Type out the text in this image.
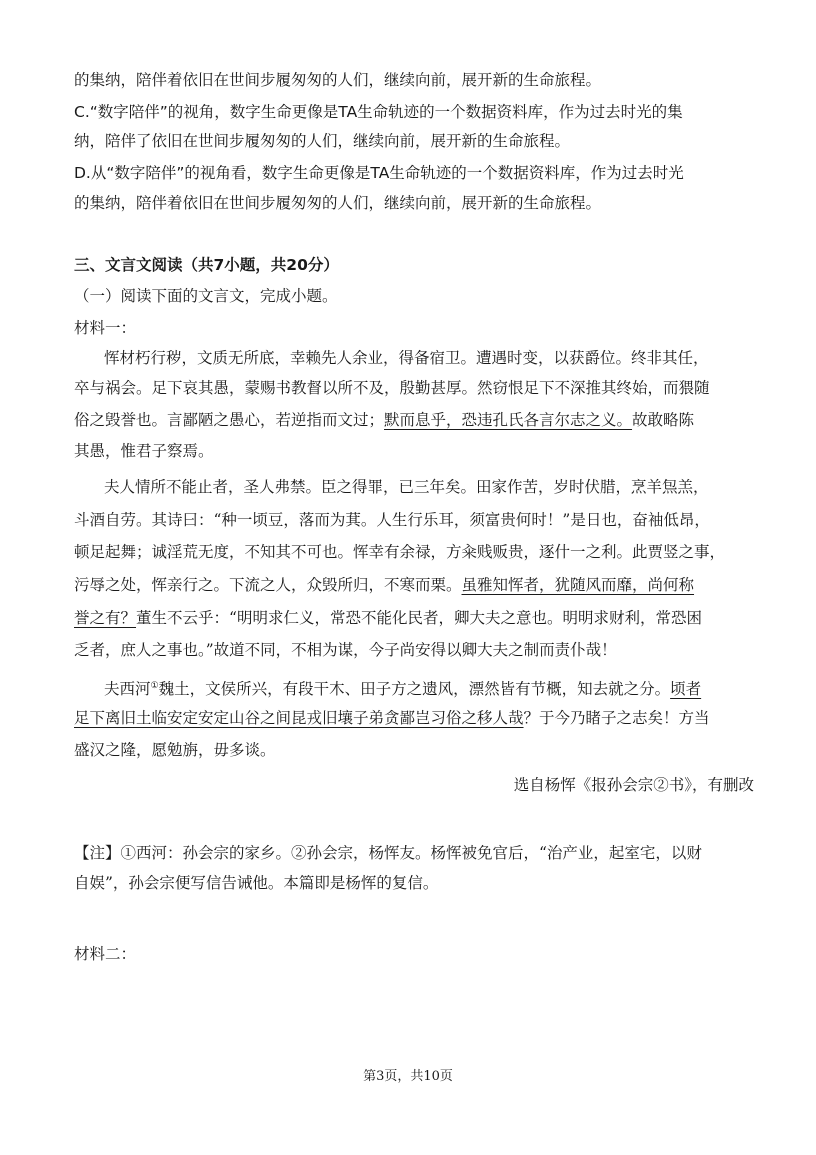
的集纳，陪伴着依旧在世间步履匆匆的人们，继续向前，展开新的生命旅程。
C.“数字陪伴”的视角，数字生命更像是TA生命轨迹的一个数据资料库，作为过去时光的集
纳，陪伴了依旧在世间步履匆匆的人们，继续向前，展开新的生命旅程。
D.从“数字陪伴”的视角看，数字生命更像是TA生命轨迹的一个数据资料库，作为过去时光
的集纳，陪伴着依旧在世间步履匆匆的人们，继续向前，展开新的生命旅程。
三、文言文阅读（共7小题，共20分）
（一）阅读下面的文言文，完成小题。
材料一：
恽材朽行秽，文质无所底，幸赖先人余业，得备宿卫。遭遇时变，以获爵位。终非其任，
卒与祸会。足下哀其愚，蒙赐书教督以所不及，殷勤甚厚。然窃恨足下不深推其终始，而猥随
俗之毁誉也。言鄙陋之愚心，若逆指而文过；默而息乎，恐违孔氏各言尔志之义。故敢略陈
其愚，惟君子察焉。
夫人情所不能止者，圣人弗禁。臣之得罪，已三年矣。田家作苦，岁时伏腊，烹羊炰羔，
斗酒自劳。其诗曰：“种一顷豆，落而为萁。人生行乐耳，须富贵何时！”是日也，奋袖低昂，
顿足起舞；诚淫荒无度，不知其不可也。恽幸有余禄，方籴贱贩贵，逐什一之利。此贾竖之事，
污辱之处，恽亲行之。下流之人，众毁所归，不寒而栗。虽雅知恽者，犹随风而靡，尚何称
誉之有？董生不云乎：“明明求仁义，常恐不能化民者，卿大夫之意也。明明求财利，常恐困
乏者，庶人之事也。”故道不同，不相为谋，今子尚安得以卿大夫之制而责仆哉！
夫西河①魏土，文侯所兴，有段干木、田子方之遗风，漂然皆有节概，知去就之分。顷者
足下离旧土临安定安定山谷之间昆戎旧壤子弟贪鄙岂习俗之移人哉？于今乃睹子之志矣！方当
盛汉之隆，愿勉旃，毋多谈。
选自杨恽《报孙会宗②书》，有删改
【注】①西河：孙会宗的家乡。②孙会宗，杨恽友。杨恽被免官后，“治产业，起室宅，以财
自娱”，孙会宗便写信告诫他。本篇即是杨恽的复信。
材料二：
第3页，共10页
